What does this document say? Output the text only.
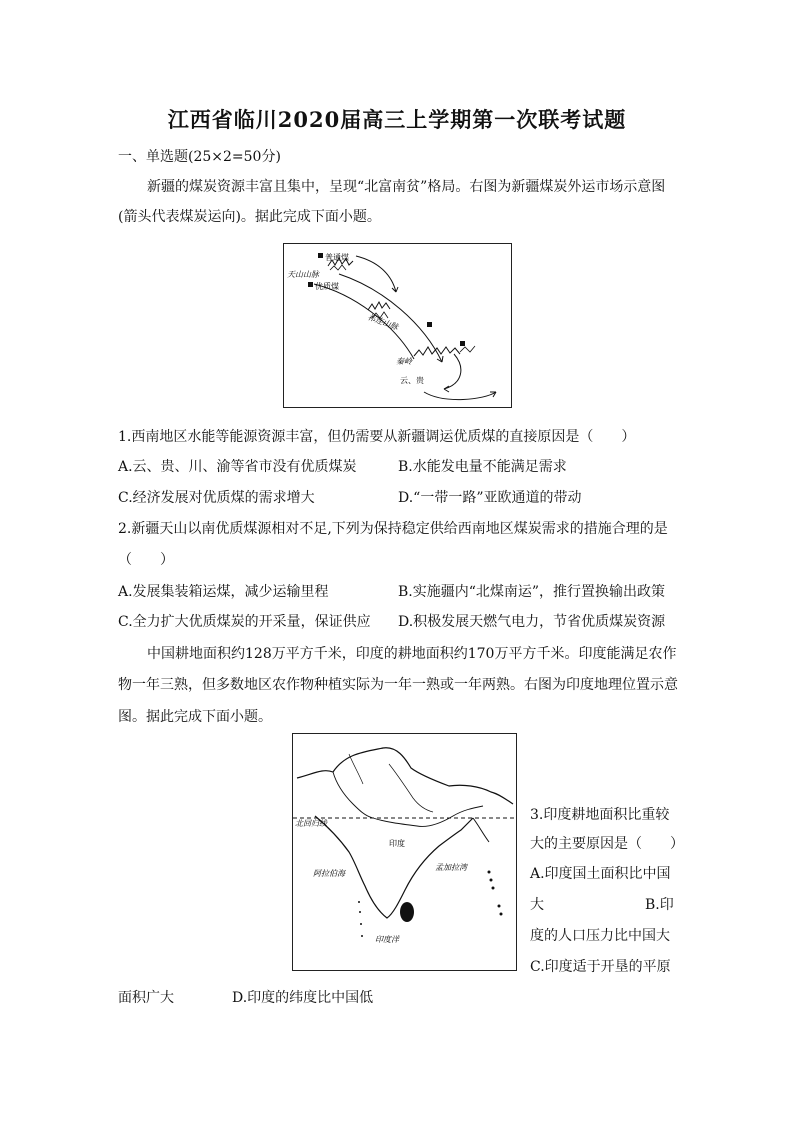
江西省临川2020届高三上学期第一次联考试题
一、单选题(25×2=50分)
新疆的煤炭资源丰富且集中，呈现“北富南贫”格局。右图为新疆煤炭外运市场示意图
(箭头代表煤炭运向)。据此完成下面小题。
普通煤
天山山脉
优质煤
祁连山脉
秦岭
云、贵
1.西南地区水能等能源资源丰富，但仍需要从新疆调运优质煤的直接原因是（　　）
A.云、贵、川、渝等省市没有优质煤炭	B.水能发电量不能满足需求
C.经济发展对优质煤的需求增大	D.“一带一路”亚欧通道的带动
2.新疆天山以南优质煤源相对不足,下列为保持稳定供给西南地区煤炭需求的措施合理的是
（　　）
A.发展集装箱运煤，减少运输里程	B.实施疆内“北煤南运”，推行置换输出政策
C.全力扩大优质煤炭的开采量，保证供应 D.积极发展天燃气电力，节省优质煤炭资源
中国耕地面积约128万平方千米，印度的耕地面积约170万平方千米。印度能满足农作
物一年三熟，但多数地区农作物种植实际为一年一熟或一年两熟。右图为印度地理位置示意
图。据此完成下面小题。
北回归线
印度
孟加拉湾
阿拉伯海
印度洋
3.印度耕地面积比重较
大的主要原因是（　　）
A.印度国土面积比中国
大	B.印
度的人口压力比中国大
C.印度适于开垦的平原
面积广大	D.印度的纬度比中国低
